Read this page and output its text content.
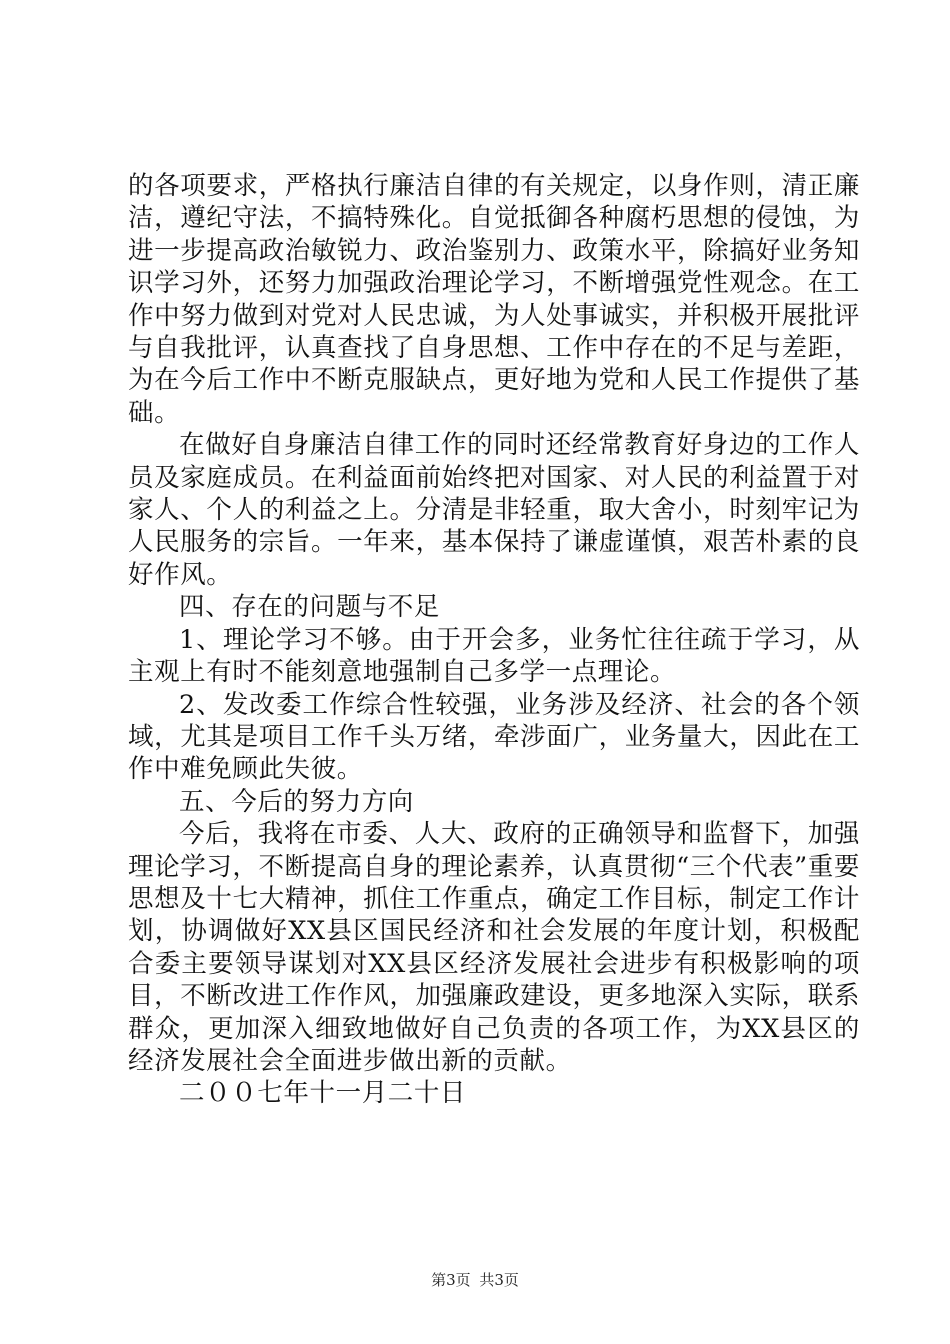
的各项要求，严格执行廉洁自律的有关规定，以身作则，清正廉洁，遵纪守法，不搞特殊化。自觉抵御各种腐朽思想的侵蚀，为进一步提高政治敏锐力、政治鉴别力、政策水平，除搞好业务知识学习外，还努力加强政治理论学习，不断增强党性观念。在工作中努力做到对党对人民忠诚，为人处事诚实，并积极开展批评与自我批评，认真查找了自身思想、工作中存在的不足与差距，为在今后工作中不断克服缺点，更好地为党和人民工作提供了基础。

在做好自身廉洁自律工作的同时还经常教育好身边的工作人员及家庭成员。在利益面前始终把对国家、对人民的利益置于对家人、个人的利益之上。分清是非轻重，取大舍小，时刻牢记为人民服务的宗旨。一年来，基本保持了谦虚谨慎，艰苦朴素的良好作风。

四、存在的问题与不足

1、理论学习不够。由于开会多，业务忙往往疏于学习，从主观上有时不能刻意地强制自己多学一点理论。

2、发改委工作综合性较强，业务涉及经济、社会的各个领域，尤其是项目工作千头万绪，牵涉面广，业务量大，因此在工作中难免顾此失彼。

五、今后的努力方向

今后，我将在市委、人大、政府的正确领导和监督下，加强理论学习，不断提高自身的理论素养，认真贯彻“三个代表”重要思想及十七大精神，抓住工作重点，确定工作目标，制定工作计划，协调做好XX县区国民经济和社会发展的年度计划，积极配合委主要领导谋划对XX县区经济发展社会进步有积极影响的项目，不断改进工作作风，加强廉政建设，更多地深入实际，联系群众，更加深入细致地做好自己负责的各项工作，为XX县区的经济发展社会全面进步做出新的贡献。

二００七年十一月二十日

第3页 共3页
